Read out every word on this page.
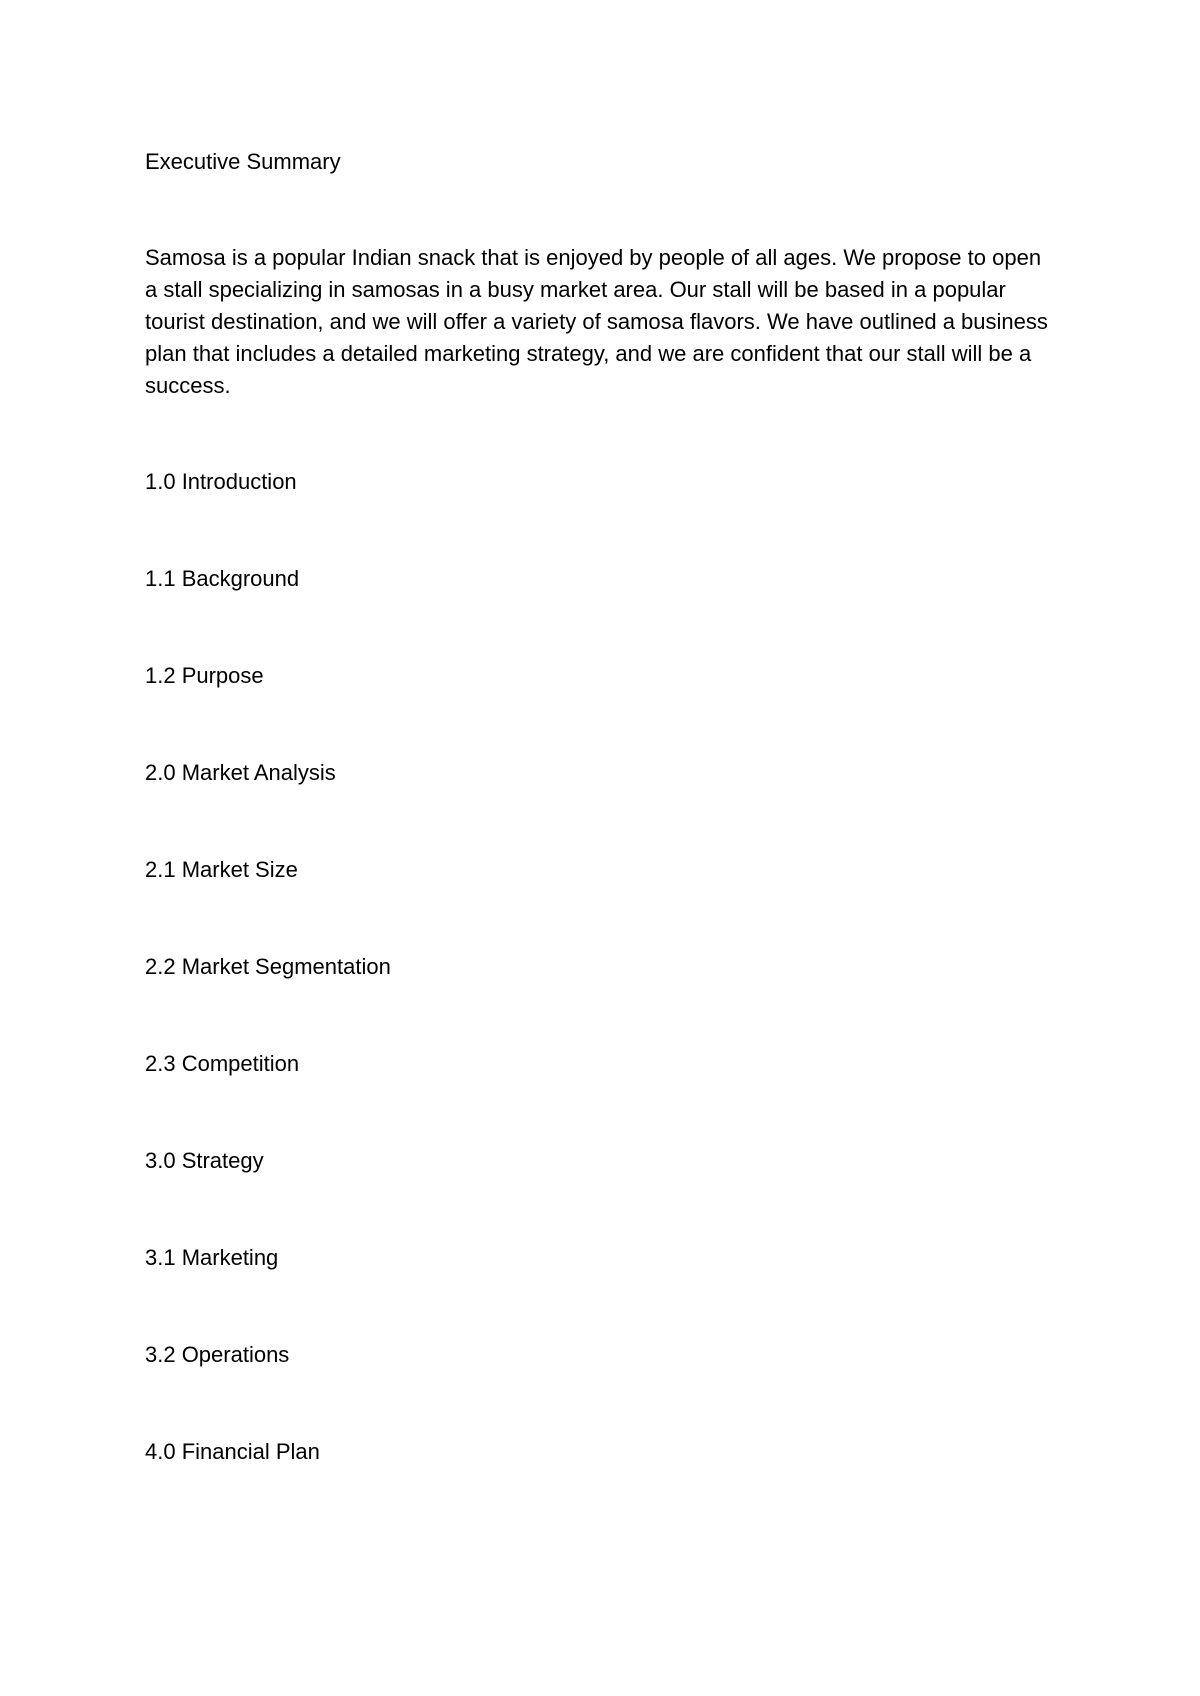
Executive Summary

Samosa is a popular Indian snack that is enjoyed by people of all ages. We propose to open a stall specializing in samosas in a busy market area. Our stall will be based in a popular tourist destination, and we will offer a variety of samosa flavors. We have outlined a business plan that includes a detailed marketing strategy, and we are confident that our stall will be a success.

1.0 Introduction
1.1 Background
1.2 Purpose
2.0 Market Analysis
2.1 Market Size
2.2 Market Segmentation
2.3 Competition
3.0 Strategy
3.1 Marketing
3.2 Operations
4.0 Financial Plan
